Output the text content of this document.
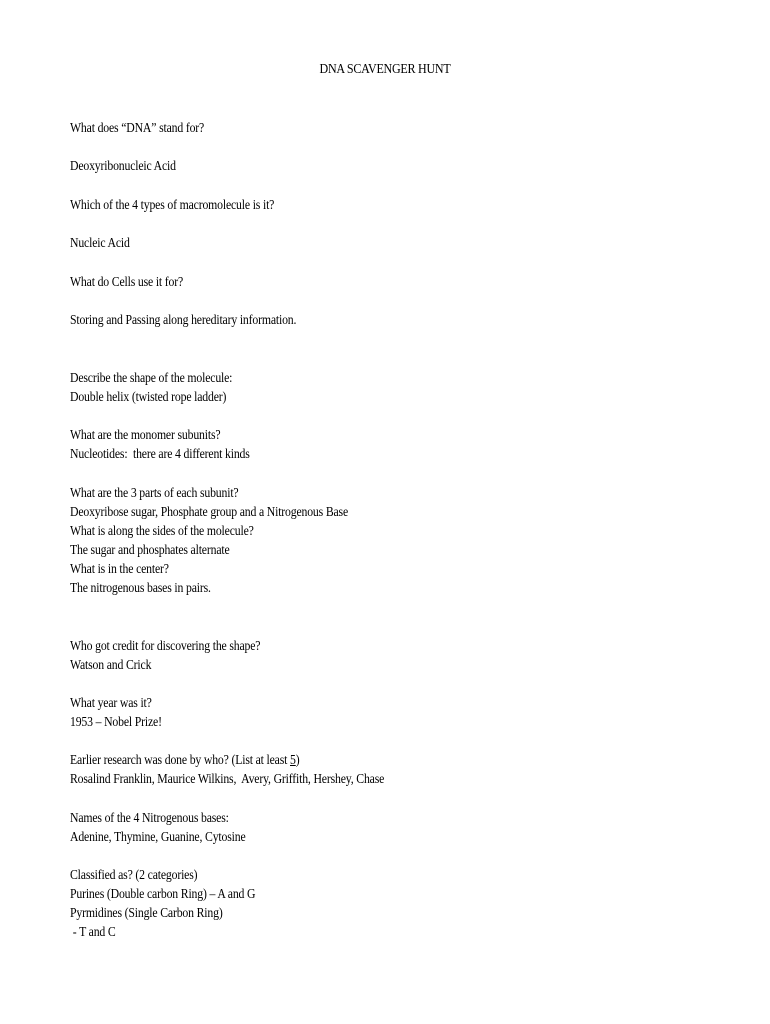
DNA SCAVENGER HUNT
What does “DNA” stand for?
Deoxyribonucleic Acid
Which of the 4 types of macromolecule is it?
Nucleic Acid
What do Cells use it for?
Storing and Passing along hereditary information.
Describe the shape of the molecule:
Double helix (twisted rope ladder)
What are the monomer subunits?
Nucleotides:  there are 4 different kinds
What are the 3 parts of each subunit?
Deoxyribose sugar, Phosphate group and a Nitrogenous Base
What is along the sides of the molecule?
The sugar and phosphates alternate
What is in the center?
The nitrogenous bases in pairs.
Who got credit for discovering the shape?
Watson and Crick
What year was it?
1953 – Nobel Prize!
Earlier research was done by who? (List at least 5)
Rosalind Franklin, Maurice Wilkins,  Avery, Griffith, Hershey, Chase
Names of the 4 Nitrogenous bases:
Adenine, Thymine, Guanine, Cytosine
Classified as? (2 categories)
Purines (Double carbon Ring) – A and G
Pyrmidines (Single Carbon Ring)
- T and C
